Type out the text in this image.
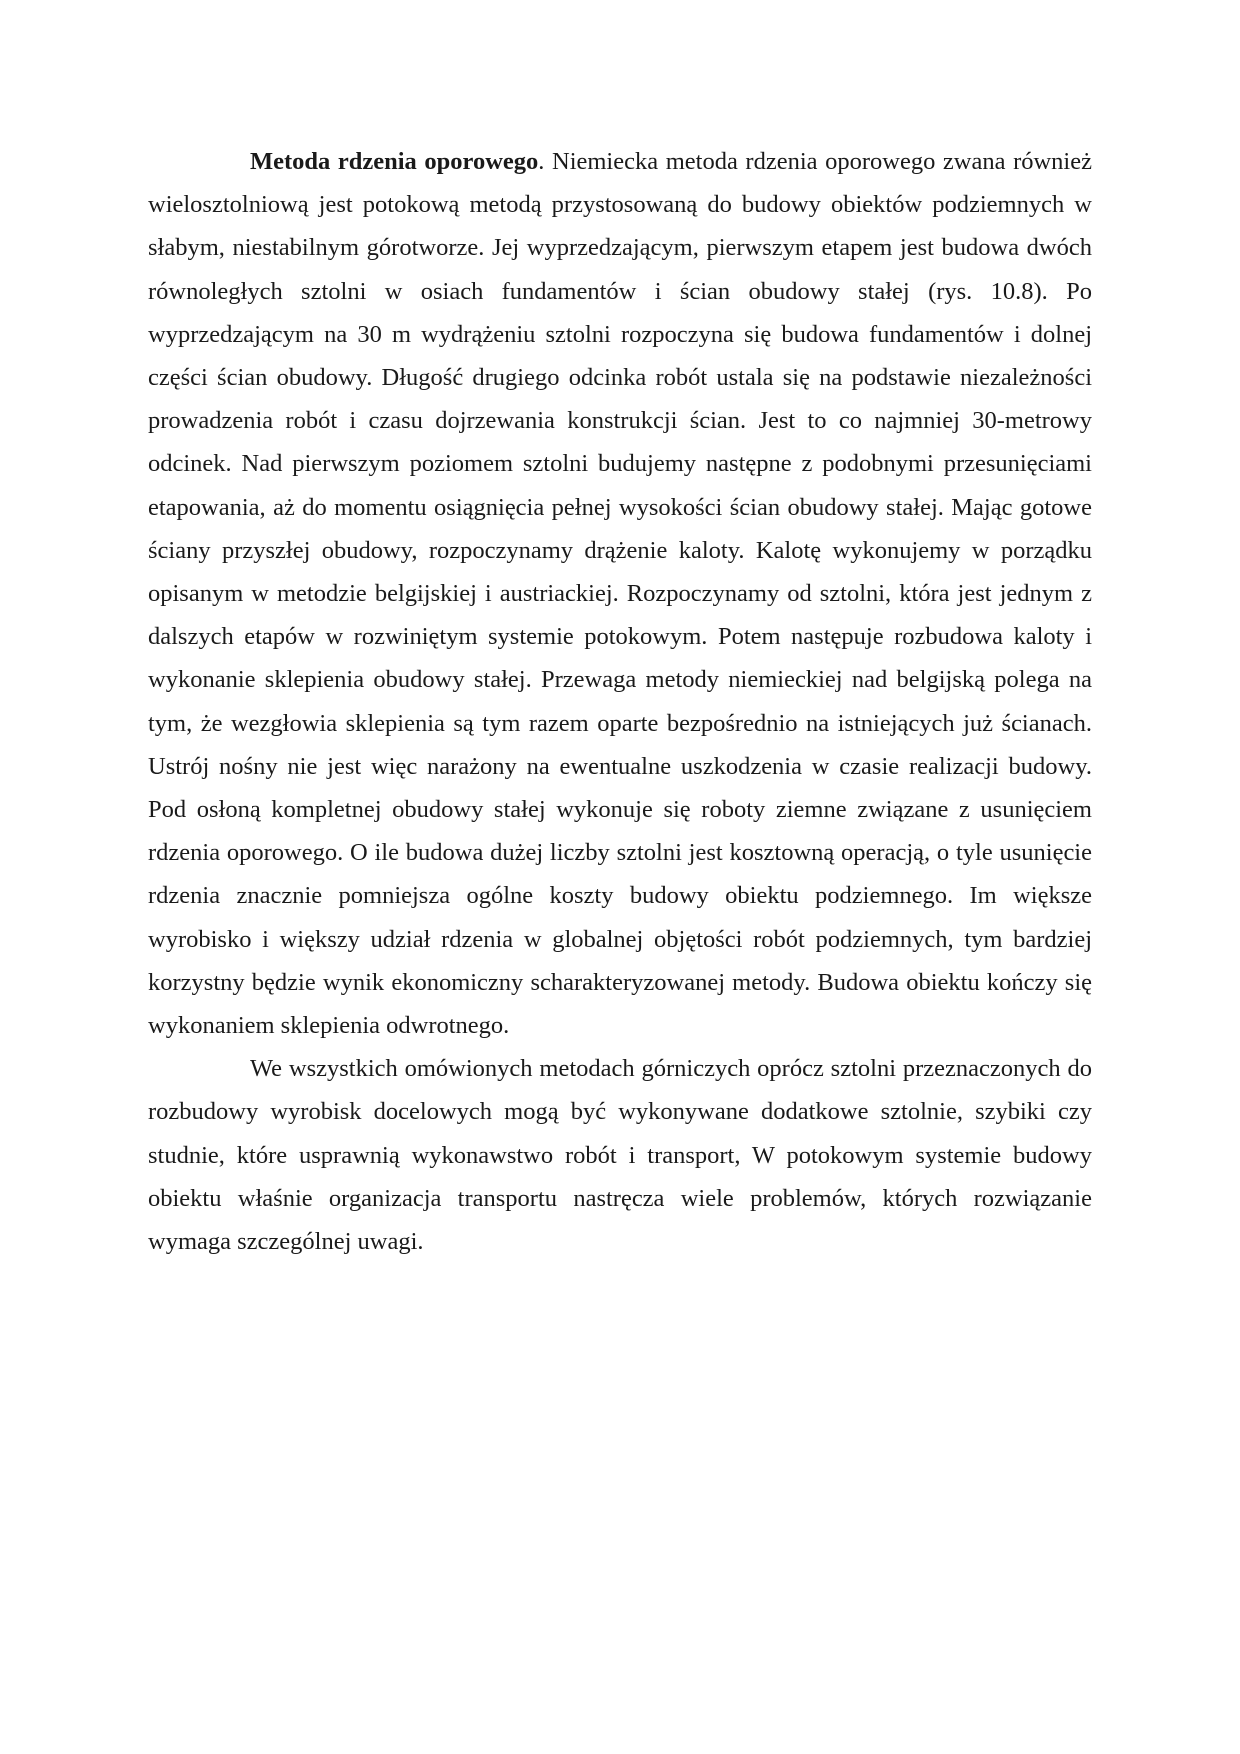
Metoda rdzenia oporowego. Niemiecka metoda rdzenia oporowego zwana również wielosztolniową jest potokową metodą przystosowaną do budowy obiektów podziemnych w słabym, niestabilnym górotworze. Jej wyprzedzającym, pierwszym etapem jest budowa dwóch równoległych sztolni w osiach fundamentów i ścian obudowy stałej (rys. 10.8). Po wyprzedzającym na 30 m wydrążeniu sztolni rozpoczyna się budowa fundamentów i dolnej części ścian obudowy. Długość drugiego odcinka robót ustala się na podstawie niezależności prowadzenia robót i czasu dojrzewania konstrukcji ścian. Jest to co najmniej 30-metrowy odcinek. Nad pierwszym poziomem sztolni budujemy następne z podobnymi przesunięciami etapowania, aż do momentu osiągnięcia pełnej wysokości ścian obudowy stałej. Mając gotowe ściany przyszłej obudowy, rozpoczynamy drążenie kaloty. Kalotę wykonujemy w porządku opisanym w metodzie belgijskiej i austriackiej. Rozpoczynamy od sztolni, która jest jednym z dalszych etapów w rozwiniętym systemie potokowym. Potem następuje rozbudowa kaloty i wykonanie sklepienia obudowy stałej. Przewaga metody niemieckiej nad belgijską polega na tym, że wezgłowia sklepienia są tym razem oparte bezpośrednio na istniejących już ścianach. Ustrój nośny nie jest więc narażony na ewentualne uszkodzenia w czasie realizacji budowy. Pod osłoną kompletnej obudowy stałej wykonuje się roboty ziemne związane z usunięciem rdzenia oporowego. O ile budowa dużej liczby sztolni jest kosztowną operacją, o tyle usunięcie rdzenia znacznie pomniejsza ogólne koszty budowy obiektu podziemnego. Im większe wyrobisko i większy udział rdzenia w globalnej objętości robót podziemnych, tym bardziej korzystny będzie wynik ekonomiczny scharakteryzowanej metody. Budowa obiektu kończy się wykonaniem sklepienia odwrotnego.

We wszystkich omówionych metodach górniczych oprócz sztolni przeznaczonych do rozbudowy wyrobisk docelowych mogą być wykonywane dodatkowe sztolnie, szybiki czy studnie, które usprawnią wykonawstwo robót i transport, W potokowym systemie budowy obiektu właśnie organizacja transportu nastręcza wiele problemów, których rozwiązanie wymaga szczególnej uwagi.
